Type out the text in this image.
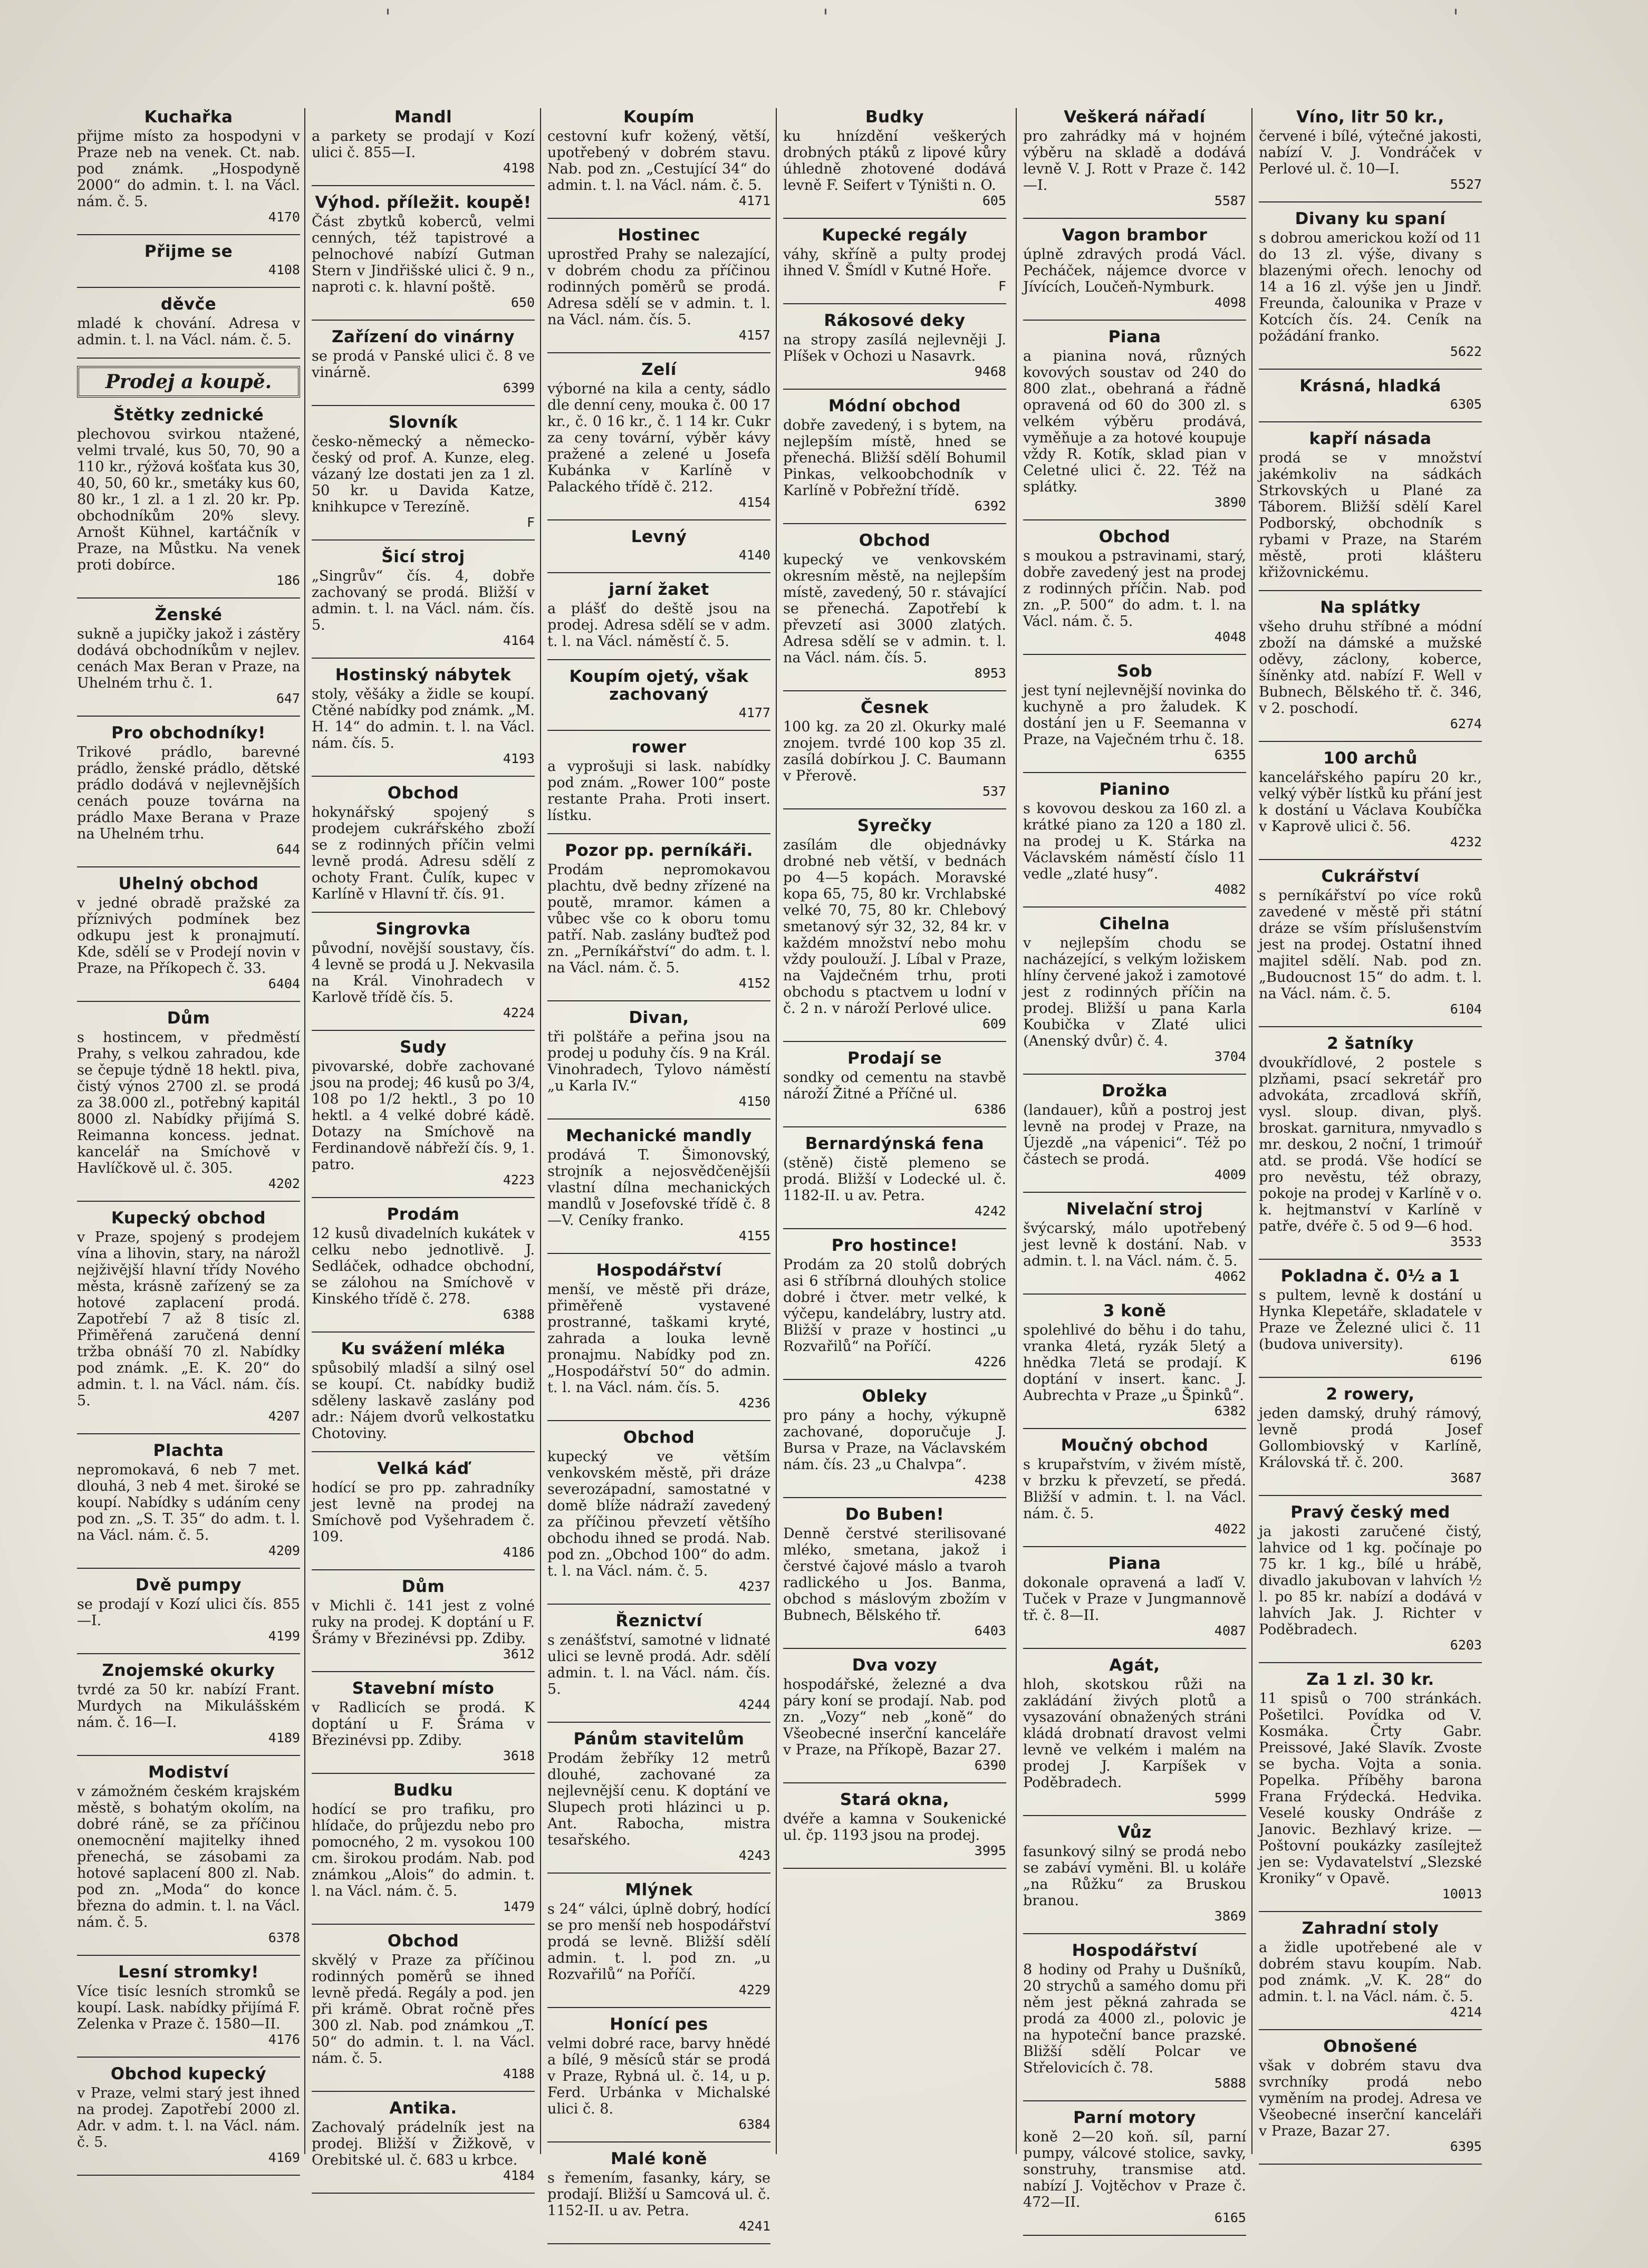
'	'	'
Kuchařka

přijme místo za hospodyni v Praze neb na venek. Ct. nab. pod známk. „Hospodyně 2000“ do admin. t. l. na Václ. nám. č. 5.

4170
Přijme se
4108
děvče

mladé k chování. Adresa v admin. t. l. na Václ. nám. č. 5.

Prodej a koupě.
Štětky zednické

plechovou svirkou ntažené, velmi trvalé, kus 50, 70, 90 a 110 kr., rýžová košťata kus 30, 40, 50, 60 kr., smetáky kus 60, 80 kr., 1 zl. a 1 zl. 20 kr. Pp. obchodníkům 20% slevy. Arnošt Kühnel, kartáčník v Praze, na Můstku. Na venek proti dobírce.

186
Ženské

sukně a jupičky jakož i zástěry dodává obchodníkům v nejlev. cenách Max Beran v Praze, na Uhelném trhu č. 1.

647
Pro obchodníky!

Trikové prádlo, barevné prádlo, ženské prádlo, dětské prádlo dodává v nejlevnějších cenách pouze továrna na prádlo Maxe Berana v Praze na Uhelném trhu.

644
Uhelný obchod

v jedné obradě pražské za příznivých podmínek bez odkupu jest k pronajmutí. Kde, sdělí se v Prodejí novin v Praze, na Příkopech č. 33.

6404
Dům

s hostincem, v předměstí Prahy, s velkou zahradou, kde se čepuje týdně 18 hektl. piva, čistý výnos 2700 zl. se prodá za 38.000 zl., potřebný kapitál 8000 zl. Nabídky přijímá S. Reimanna koncess. jednat. kancelář na Smíchově v Havlíčkově ul. č. 305.

4202
Kupecký obchod

v Praze, spojený s prodejem vína a lihovin, stary, na nárožl nejživější hlavní třídy Nového města, krásně zařízený se za hotové zaplacení prodá. Zapotřebí 7 až 8 tisíc zl. Přiměřená zaručená denní tržba obnáší 70 zl. Nabídky pod známk. „E. K. 20“ do admin. t. l. na Václ. nám. čís. 5.

4207
Plachta

nepromokavá, 6 neb 7 met. dlouhá, 3 neb 4 met. široké se koupí. Nabídky s udáním ceny pod zn. „S. T. 35“ do adm. t. l. na Václ. nám. č. 5.

4209
Dvě pumpy

se prodají v Kozí ulici čís. 855—I.

4199
Znojemské okurky

tvrdé za 50 kr. nabízí Frant. Murdych na Mikulášském nám. č. 16—I.

4189
Modiství

v zámožném českém krajském městě, s bohatým okolím, na dobré ráně, se za příčinou onemocnění majitelky ihned přenechá, se zásobami za hotové saplacení 800 zl. Nab. pod zn. „Moda“ do konce března do admin. t. l. na Václ. nám. č. 5.

6378
Lesní stromky!

Více tisíc lesních stromků se koupí. Lask. nabídky přijímá F. Zelenka v Praze č. 1580—II.

4176
Obchod kupecký

v Praze, velmi starý jest ihned na prodej. Zapotřebí 2000 zl. Adr. v adm. t. l. na Václ. nám. č. 5.

4169
Mandl

a parkety se prodají v Kozí ulici č. 855—I.

4198
Výhod. příležit. koupě!

Část zbytků koberců, velmi cenných, též tapistrové a pelnochové nabízí Gutman Stern v Jindřišské ulici č. 9 n., naproti c. k. hlavní poště.

650
Zařízení do vinárny

se prodá v Panské ulici č. 8 ve vinárně.

6399
Slovník

česko-německý a německo-český od prof. A. Kunze, eleg. vázaný lze dostati jen za 1 zl. 50 kr. u Davida Katze, knihkupce v Terezíně.

F
Šicí stroj

„Singrův“ čís. 4, dobře zachovaný se prodá. Bližší v admin. t. l. na Václ. nám. čís. 5.

4164
Hostinský nábytek

stoly, věšáky a židle se koupí. Ctěné nabídky pod známk. „M. H. 14“ do admin. t. l. na Václ. nám. čís. 5.

4193
Obchod

hokynářský spojený s prodejem cukrářského zboží se z rodinných příčin velmi levně prodá. Adresu sdělí z ochoty Frant. Čulík, kupec v Karlíně v Hlavní tř. čís. 91.

Singrovka

původní, novější soustavy, čís. 4 levně se prodá u J. Nekvasila na Král. Vinohradech v Karlově třídě čís. 5.

4224
Sudy

pivovarské, dobře zachované jsou na prodej; 46 kusů po 3/4, 108 po 1/2 hektl., 3 po 10 hektl. a 4 velké dobré kádě. Dotazy na Smíchově na Ferdinandově nábřeží čís. 9, 1. patro.

4223
Prodám

12 kusů divadelních kukátek v celku nebo jednotlivě. J. Sedláček, odhadce obchodní, se zálohou na Smíchově v Kinského třídě č. 278.

6388
Ku svážení mléka

spůsobilý mladší a silný osel se koupí. Ct. nabídky budiž sděleny laskavě zaslány pod adr.: Nájem dvorů velkostatku Chotoviny.

Velká káď

hodící se pro pp. zahradníky jest levně na prodej na Smíchově pod Vyšehradem č. 109.

4186
Dům

v Michli č. 141 jest z volné ruky na prodej. K doptání u F. Šrámy v Březinévsi pp. Zdiby.

3612
Stavební místo

v Radlicích se prodá. K doptání u F. Šráma v Březinévsi pp. Zdiby.

3618
Budku

hodící se pro trafiku, pro hlídače, do průjezdu nebo pro pomocného, 2 m. vysokou 100 cm. širokou prodám. Nab. pod známkou „Alois“ do admin. t. l. na Václ. nám. č. 5.

1479
Obchod

skvělý v Praze za příčinou rodinných poměrů se ihned levně předá. Regály a pod. jen při krámě. Obrat ročně přes 300 zl. Nab. pod známkou „T. 50“ do admin. t. l. na Václ. nám. č. 5.

4188
Antika.

Zachovalý prádelník jest na prodej. Bližší v Žižkově, v Orebitské ul. č. 683 u krbce.

4184
Koupím

cestovní kufr kožený, větší, upotřebený v dobrém stavu. Nab. pod zn. „Cestující 34“ do admin. t. l. na Václ. nám. č. 5.

4171
Hostinec

uprostřed Prahy se nalezající, v dobrém chodu za příčinou rodinných poměrů se prodá. Adresa sdělí se v admin. t. l. na Václ. nám. čís. 5.

4157
Zelí

výborné na kila a centy, sádlo dle denní ceny, mouka č. 00 17 kr., č. 0 16 kr., č. 1 14 kr. Cukr za ceny tovární, výběr kávy pražené a zelené u Josefa Kubánka v Karlíně v Palackého třídě č. 212.

4154
Levný
4140
jarní žaket

a plášť do deště jsou na prodej. Adresa sdělí se v adm. t. l. na Václ. náměstí č. 5.

Koupím ojetý, však zachovaný
4177
rower

a vyprošuji si lask. nabídky pod znám. „Rower 100“ poste restante Praha. Proti insert. lístku.

Pozor pp. perníkáři.

Prodám nepromokavou plachtu, dvě bedny zřízené na poutě, mramor. kámen a vůbec vše co k oboru tomu patří. Nab. zaslány buďtež pod zn. „Perníkářství“ do adm. t. l. na Václ. nám. č. 5.

4152
Divan,

tři polštáře a peřina jsou na prodej u poduhy čís. 9 na Král. Vinohradech, Tylovo náměstí „u Karla IV.“

4150
Mechanické mandly

prodává T. Šimonovský, strojník a nejosvědčenějšíi vlastní dílna mechanických mandlů v Josefovské třídě č. 8—V. Ceníky franko.

4155
Hospodářství

menší, ve městě při dráze, přiměřeně vystavené prostranné, taškami kryté, zahrada a louka levně pronajmu. Nabídky pod zn. „Hospodářství 50“ do admin. t. l. na Václ. nám. čís. 5.

4236
Obchod

kupecký ve větším venkovském městě, při dráze severozápadní, samostatné v domě blíže nádraží zavedený za příčinou převzetí většího obchodu ihned se prodá. Nab. pod zn. „Obchod 100“ do adm. t. l. na Václ. nám. č. 5.

4237
Řeznictví

s zenášťství, samotné v lidnaté ulici se levně prodá. Adr. sdělí admin. t. l. na Václ. nám. čís. 5.

4244
Pánům stavitelům

Prodám žebříky 12 metrů dlouhé, zachované za nejlevnější cenu. K doptání ve Slupech proti hlázinci u p. Ant. Rabocha, mistra tesařského.

4243
Mlýnek

s 24“ válci, úplně dobrý, hodící se pro menší neb hospodářství prodá se levně. Bližší sdělí admin. t. l. pod zn. „u Rozvařilů“ na Poříčí.

4229
Honící pes

velmi dobré race, barvy hnědé a bílé, 9 měsíců stár se prodá v Praze, Rybná ul. č. 14, u p. Ferd. Urbánka v Michalské ulici č. 8.

6384
Malé koně

s řemením, fasanky, káry, se prodají. Bližší u Samcová ul. č. 1152-II. u av. Petra.

4241
Budky

ku hnízdění veškerých drobných ptáků z lipové kůry úhledně zhotovené dodává levně F. Seifert v Týništi n. O.

605
Kupecké regály

váhy, skříně a pulty prodej ihned V. Šmídl v Kutné Hoře.

F
Rákosové deky

na stropy zasílá nejlevněji J. Plíšek v Ochozi u Nasavrk.

9468
Módní obchod

dobře zavedený, i s bytem, na nejlepším místě, hned se přenechá. Bližší sdělí Bohumil Pinkas, velkoobchodník v Karlíně v Pobřežní třídě.

6392
Obchod

kupecký ve venkovském okresním městě, na nejlepším místě, zavedený, 50 r. stávající se přenechá. Zapotřebí k převzetí asi 3000 zlatých. Adresa sdělí se v admin. t. l. na Václ. nám. čís. 5.

8953
Česnek

100 kg. za 20 zl. Okurky malé znojem. tvrdé 100 kop 35 zl. zasílá dobírkou J. C. Baumann v Přerově.

537
Syrečky

zasílám dle objednávky drobné neb větší, v bednách po 4—5 kopách. Moravské kopa 65, 75, 80 kr. Vrchlabské velké 70, 75, 80 kr. Chlebový smetanový sýr 32, 32, 84 kr. v každém množství nebo mohu vždy poulouží. J. Líbal v Praze, na Vajdečném trhu, proti obchodu s ptactvem u lodní v č. 2 n. v nároží Perlové ulice.

609
Prodají se

sondky od cementu na stavbě nároží Žitné a Příčné ul.

6386
Bernardýnská fena

(stěně) čistě plemeno se prodá. Bližší v Lodecké ul. č. 1182-II. u av. Petra.

4242
Pro hostince!

Prodám za 20 stolů dobrých asi 6 stříbrná dlouhých stolice dobré i čtver. metr velké, k výčepu, kandelábry, lustry atd. Bližší v praze v hostinci „u Rozvařilů“ na Poříčí.

4226
Obleky

pro pány a hochy, výkupně zachované, doporučuje J. Bursa v Praze, na Václavském nám. čís. 23 „u Chalvpa“.

4238
Do Buben!

Denně čerstvé sterilisované mléko, smetana, jakož i čerstvé čajové máslo a tvaroh radlického u Jos. Banma, obchod s máslovým zbožím v Bubnech, Bělského tř.

6403
Dva vozy

hospodářské, železné a dva páry koní se prodají. Nab. pod zn. „Vozy“ neb „koně“ do Všeobecné inserční kanceláře v Praze, na Příkopě, Bazar 27.

6390
Stará okna,

dvéře a kamna v Soukenické ul. čp. 1193 jsou na prodej.

3995
Veškerá nářadí

pro zahrádky má v hojném výběru na skladě a dodává levně V. J. Rott v Praze č. 142—I.

5587
Vagon brambor

úplně zdravých prodá Václ. Pecháček, nájemce dvorce v Jívících, Loučeň-Nymburk.

4098
Piana

a pianina nová, různých kovových soustav od 240 do 800 zlat., obehraná a řádně opravená od 60 do 300 zl. s velkém výběru prodává, vyměňuje a za hotové koupuje vždy R. Kotík, sklad pian v Celetné ulici č. 22. Též na splátky.

3890
Obchod

s moukou a pstravinami, starý, dobře zavedený jest na prodej z rodinných příčin. Nab. pod zn. „P. 500“ do adm. t. l. na Václ. nám. č. 5.

4048
Sob

jest tyní nejlevnější novinka do kuchyně a pro žaludek. K dostání jen u F. Seemanna v Praze, na Vaječném trhu č. 18.

6355
Pianino

s kovovou deskou za 160 zl. a krátké piano za 120 a 180 zl. na prodej u K. Stárka na Václavském náměstí číslo 11 vedle „zlaté husy“.

4082
Cihelna

v nejlepším chodu se nacházející, s velkým ložiskem hlíny červené jakož i zamotové jest z rodinných příčin na prodej. Bližší u pana Karla Koubička v Zlaté ulici (Anenský dvůr) č. 4.

3704
Drožka

(landauer), kůň a postroj jest levně na prodej v Praze, na Újezdě „na vápenici“. Též po částech se prodá.

4009
Nivelační stroj

švýcarský, málo upotřebený jest levně k dostání. Nab. v admin. t. l. na Václ. nám. č. 5.

4062
3 koně

spolehlivé do běhu i do tahu, vranka 4letá, ryzák 5letý a hnědka 7letá se prodají. K doptání v insert. kanc. J. Aubrechta v Praze „u Špinků“.

6382
Moučný obchod

s krupařstvím, v živém místě, v brzku k převzetí, se předá. Bližší v admin. t. l. na Václ. nám. č. 5.

4022
Piana

dokonale opravená a laďí V. Tuček v Praze v Jungmannově tř. č. 8—II.

4087
Agát,

hloh, skotskou růži na zakládání živých plotů a vysazování obnažených stráni kládá drobnatí dravost velmi levně ve velkém i malém na prodej J. Karpíšek v Poděbradech.

5999
Vůz

fasunkový silný se prodá nebo se zabáví vyměni. Bl. u koláře „na Růžku“ za Bruskou branou.

3869
Hospodářství

8 hodiny od Prahy u Dušníků, 20 strychů a samého domu při něm jest pěkná zahrada se prodá za 4000 zl., polovic je na hypoteční bance prazské. Bližší sdělí Polcar ve Střelovicích č. 78.

5888
Parní motory

koně 2—20 koň. síl, parní pumpy, válcové stolice, savky, sonstruhy, transmise atd. nabízí J. Vojtěchov v Praze č. 472—II.

6165
Víno, litr 50 kr.,

červené i bílé, výtečné jakosti, nabízí V. J. Vondráček v Perlové ul. č. 10—I.

5527
Divany ku spaní

s dobrou americkou koží od 11 do 13 zl. výše, divany s blazenými ořech. lenochy od 14 a 16 zl. výše jen u Jindř. Freunda, čalounika v Praze v Kotcích čís. 24. Ceník na požádání franko.

5622
Krásná, hladká
6305
kapří násada

prodá se v množství jakémkoliv na sádkách Strkovských u Plané za Táborem. Bližší sdělí Karel Podborský, obchodník s rybami v Praze, na Starém městě, proti klášteru křižovnickému.

Na splátky

všeho druhu stříbné a módní zboží na dámské a mužské oděvy, záclony, koberce, šíněnky atd. nabízí F. Well v Bubnech, Bělského tř. č. 346, v 2. poschodí.

6274
100 archů

kancelářského papíru 20 kr., velký výběr lístků ku přání jest k dostání u Václava Koubíčka v Kaprově ulici č. 56.

4232
Cukrářství

s perníkářství po více roků zavedené v městě při státní dráze se vším příslušenstvím jest na prodej. Ostatní ihned majitel sdělí. Nab. pod zn. „Budoucnost 15“ do adm. t. l. na Václ. nám. č. 5.

6104
2 šatníky

dvoukřídlové, 2 postele s plzňami, psací sekretář pro advokáta, zrcadlová skříň, vysl. sloup. divan, plyš. broskat. garnitura, nmyvadlo s mr. deskou, 2 noční, 1 trimoúř atd. se prodá. Vše hodící se pro nevěstu, též obrazy, pokoje na prodej v Karlíně v o. k. hejtmanství v Karlíně v patře, dvéře č. 5 od 9—6 hod.

3533
Pokladna č. 0½ a 1

s pultem, levně k dostání u Hynka Klepetáře, skladatele v Praze ve Železné ulici č. 11 (budova university).

6196
2 rowery,

jeden damský, druhý rámový, levně prodá Josef Gollombiovský v Karlíně, Královská tř. č. 200.

3687
Pravý český med

ja jakosti zaručené čistý, lahvice od 1 kg. počínaje po 75 kr. 1 kg., bílé u hrábě, divadlo jakubovan v lahvích ½ l. po 85 kr. nabízí a dodává v lahvích Jak. J. Richter v Poděbradech.

6203
Za 1 zl. 30 kr.

11 spisů o 700 stránkách. Pošetilci. Povídka od V. Kosmáka. Črty Gabr. Preissové, Jaké Slavík. Zvoste se bycha. Vojta a sonia. Popelka. Příběhy barona Frana Frýdecká. Hedvika. Veselé kousky Ondráše z Janovic. Bezhlavý krize. — Poštovní poukázky zasílejtež jen se: Vydavatelství „Slezské Kroniky“ v Opavě.

10013
Zahradní stoly

a židle upotřebené ale v dobrém stavu koupím. Nab. pod známk. „V. K. 28“ do admin. t. l. na Václ. nám. č. 5.

4214
Obnošené

však v dobrém stavu dva svrchníky prodá nebo vyměním na prodej. Adresa ve Všeobecné inserční kanceláři v Praze, Bazar 27.

6395
